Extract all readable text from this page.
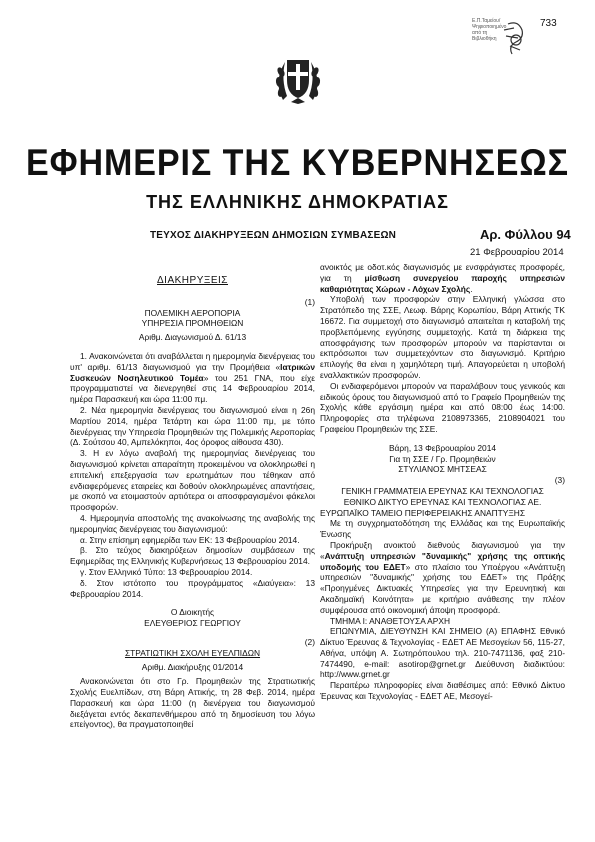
733
Ε.Π.Ταμείου/
Ψηφιοποιημένο
από τη
Βιβλιοθήκη
ΕΦΗΜΕΡΙΣ ΤΗΣ ΚΥΒΕΡΝΗΣΕΩΣ
ΤΗΣ ΕΛΛΗΝΙΚΗΣ ΔΗΜΟΚΡΑΤΙΑΣ
ΤΕΥΧΟΣ ΔΙΑΚΗΡΥΞΕΩΝ ΔΗΜΟΣΙΩΝ ΣΥΜΒΑΣΕΩΝ	Αρ. Φύλλου 94
21 Φεβρουαρίου 2014
ΔΙΑΚΗΡΥΞΕΙΣ

(1)

ΠΟΛΕΜΙΚΗ ΑΕΡΟΠΟΡΙΑ

ΥΠΗΡΕΣΙΑ ΠΡΟΜΗΘΕΙΩΝ

Αριθμ. Διαγωνισμού Δ. 61/13

1. Ανακοινώνεται ότι αναβάλλεται η ημερομηνία διενέργειας του υπ' αριθμ. 61/13 διαγωνισμού για την Προμήθεια «Ιατρικών Συσκευών Νοσηλευτικού Τομέα» του 251 ΓΝΑ, που είχε προγραμματιστεί να διενεργηθεί στις 14 Φεβρουαρίου 2014, ημέρα Παρασκευή και ώρα 11:00 πμ.

2. Νέα ημερομηνία διενέργειας του διαγωνισμού είναι η 26η Μαρτίου 2014, ημέρα Τετάρτη και ώρα 11:00 πμ, με τόπο διενέργειας την Υπηρεσία Προμηθειών της Πολεμικής Αεροπορίας (Δ. Σούτσου 40, Αμπελόκηποι, 4ος όροφος αίθουσα 430).

3. Η εν λόγω αναβολή της ημερομηνίας διενέργειας του διαγωνισμού κρίνεται απαραίτητη προκειμένου να ολοκληρωθεί η επιτελική επεξεργασία των ερωτημάτων που τέθηκαν από ενδιαφερόμενες εταιρείες και δοθούν ολοκληρωμένες απαντήσεις, με σκοπό να ετοιμαστούν αρτιότερα οι αποσφραγισμένοι φάκελοι προσφορών.

4. Ημερομηνία αποστολής της ανακοίνωσης της αναβολής της ημερομηνίας διενέργειας του διαγωνισμού:

α. Στην επίσημη εφημερίδα των ΕΚ: 13 Φεβρουαρίου 2014.

β. Στο τεύχος διακηρύξεων δημοσίων συμβάσεων της Εφημερίδας της Ελληνικής Κυβερνήσεως 13 Φεβρουαρίου 2014.

γ. Στον Ελληνικό Τύπο: 13 Φεβρουαρίου 2014.

δ. Στον ιστότοπο του προγράμματος «Διαύγεια»: 13 Φεβρουαρίου 2014.

Ο Διοικητής

ΕΛΕΥΘΕΡΙΟΣ ΓΕΩΡΓΙΟΥ

(2)

ΣΤΡΑΤΙΩΤΙΚΗ ΣΧΟΛΗ ΕΥΕΛΠΙΔΩΝ

Αριθμ. Διακήρυξης 01/2014

Ανακοινώνεται ότι στο Γρ. Προμηθειών της Στρατιωτικής Σχολής Ευελπίδων, στη Βάρη Αττικής, τη 28 Φεβ. 2014, ημέρα Παρασκευή και ώρα 11:00 (η διενέργεια του διαγωνισμού διεξάγεται εντός δεκαπενθήμερου από τη δημοσίευση του λόγω επείγοντος), θα πραγματοποιηθεί

ανοικτός με οδοτ.κός διαγωνισμός με ενσφράγιστες προσφορές, για τη μίσθωση συνεργείου παροχής υπηρεσιών καθαριότητας Χώρων - Λόχων Σχολής.

Υποβολή των προσφορών στην Ελληνική γλώσσα στο Στρατόπεδο της ΣΣΕ, Λεωφ. Βάρης Κορωπίου, Βάρη Αττικής ΤΚ 16672. Για συμμετοχή στο διαγωνισμό απαιτείται η καταβολή της προβλεπόμενης εγγύησης συμμετοχής. Κατά τη διάρκεια της αποσφράγισης των προσφορών μπορούν να παρίστανται οι εκπρόσωποι των συμμετεχόντων στο διαγωνισμό. Κριτήριο επιλογής θα είναι η χαμηλότερη τιμή. Απαγορεύεται η υποβολή εναλλακτικών προσφορών.

Οι ενδιαφερόμενοι μπορούν να παραλάβουν τους γενικούς και ειδικούς όρους του διαγωνισμού από το Γραφείο Προμηθειών της Σχολής κάθε εργάσιμη ημέρα και από 08:00 έως 14:00. Πληροφορίες στα τηλέφωνα 2108973365, 2108904021 του Γραφείου Προμηθειών της ΣΣΕ.

Βάρη, 13 Φεβρουαρίου 2014

Για τη ΣΣΕ / Γρ. Προμηθειών

ΣΤΥΛΙΑΝΟΣ ΜΗΤΣΕΑΣ

(3)

ΓΕΝΙΚΗ ΓΡΑΜΜΑΤΕΙΑ ΕΡΕΥΝΑΣ ΚΑΙ ΤΕΧΝΟΛΟΓΙΑΣ

ΕΘΝΙΚΟ ΔΙΚΤΥΟ ΕΡΕΥΝΑΣ ΚΑΙ ΤΕΧΝΟΛΟΓΙΑΣ ΑΕ.

ΕΥΡΩΠΑΪΚΟ ΤΑΜΕΙΟ ΠΕΡΙΦΕΡΕΙΑΚΗΣ ΑΝΑΠΤΥΞΗΣ

Με τη συγχρηματοδότηση της Ελλάδας και της Ευρωπαϊκής Ένωσης

Προκήρυξη ανοικτού διεθνούς διαγωνισμού για την «Ανάπτυξη υπηρεσιών "δυναμικής" χρήσης της οπτικής υποδομής του ΕΔΕΤ» στο πλαίσιο του Υποέργου «Ανάπτυξη υπηρεσιών "δυναμικής" χρήσης του ΕΔΕΤ» της Πράξης «Προηγμένες Δικτυακές Υπηρεσίες για την Ερευνητική και Ακαδημαϊκή Κοινότητα» με κριτήριο ανάθεσης την πλέον συμφέρουσα από οικονομική άποψη προσφορά.

ΤΜΗΜΑ Ι: ΑΝΑΘΕΤΟΥΣΑ ΑΡΧΗ

ΕΠΩΝΥΜΙΑ, ΔΙΕΥΘΥΝΣΗ ΚΑΙ ΣΗΜΕΙΟ (Α) ΕΠΑΦΗΣ Εθνικό Δίκτυο Έρευνας & Τεχνολογίας - ΕΔΕΤ ΑΕ Μεσογείων 56, 115-27, Αθήνα, υπόψη Α. Σωτηρόπουλου τηλ. 210-7471136, φαξ 210-7474490, e-mail: asotirop@grnet.gr Διεύθυνση διαδικτύου: http://www.grnet.gr

Περαιτέρω πληροφορίες είναι διαθέσιμες από: Εθνικό Δίκτυο Έρευνας και Τεχνολογίας - ΕΔΕΤ ΑΕ, Μεσογεί-
